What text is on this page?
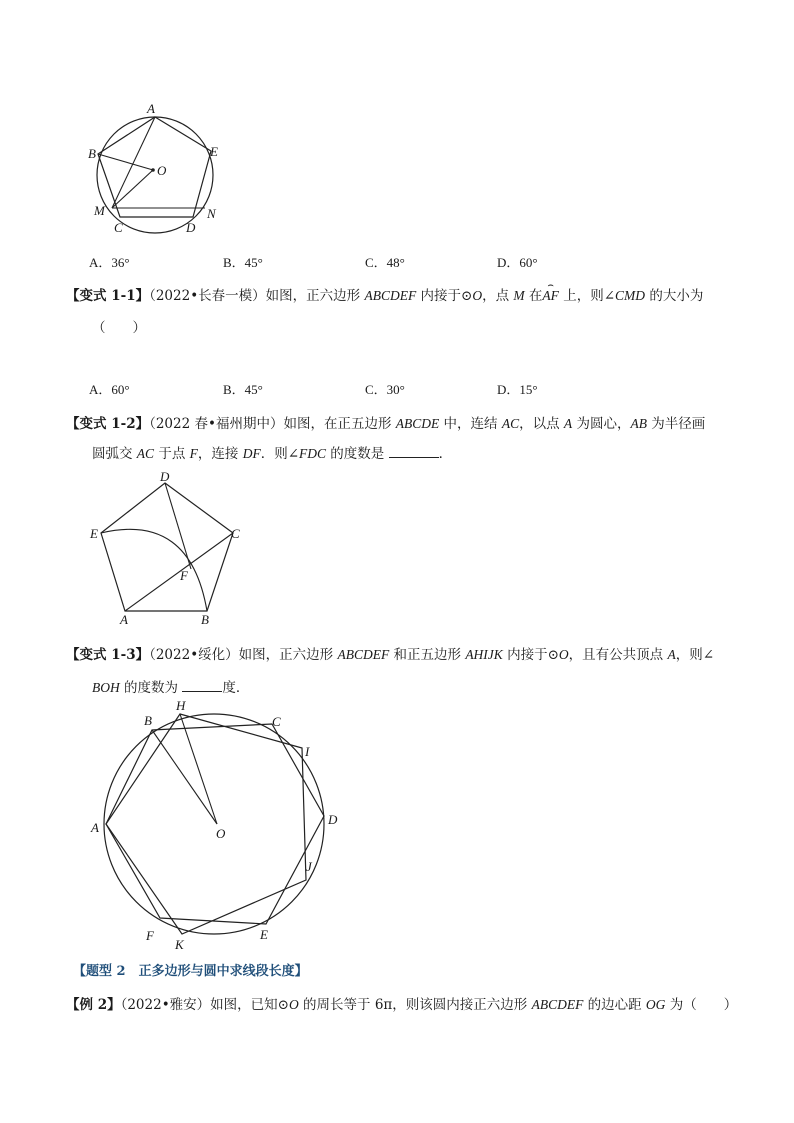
A
B
C	D
E
M	N
O
A．36°	B．45°	C．48°	D．60°
【变式 1-1】（2022•长春一模）如图，正六边形 ABCDEF 内接于⊙O，点 M 在AF
⌢
上，则∠CMD 的大小为
（　　）
A．60°	B．45°	C．30°	D．15°
【变式 1-2】（2022 春•福州期中）如图，在正五边形 ABCDE 中，连结 AC，以点 A 为圆心，AB 为半径画
圆弧交 AC 于点 F，连接 DF．则∠FDC 的度数是	．
D
C
E
F
A	B
【变式 1-3】（2022•绥化）如图，正六边形 ABCDEF 和正五边形 AHIJK 内接于⊙O，且有公共顶点 A，则∠
BOH 的度数为	度．
B
H
C
I
D
J
E
K
F
A	O
【题型 2　正多边形与圆中求线段长度】
【例 2】（2022•雅安）如图，已知⊙O 的周长等于 6π，则该圆内接正六边形 ABCDEF 的边心距 OG 为（　　）
